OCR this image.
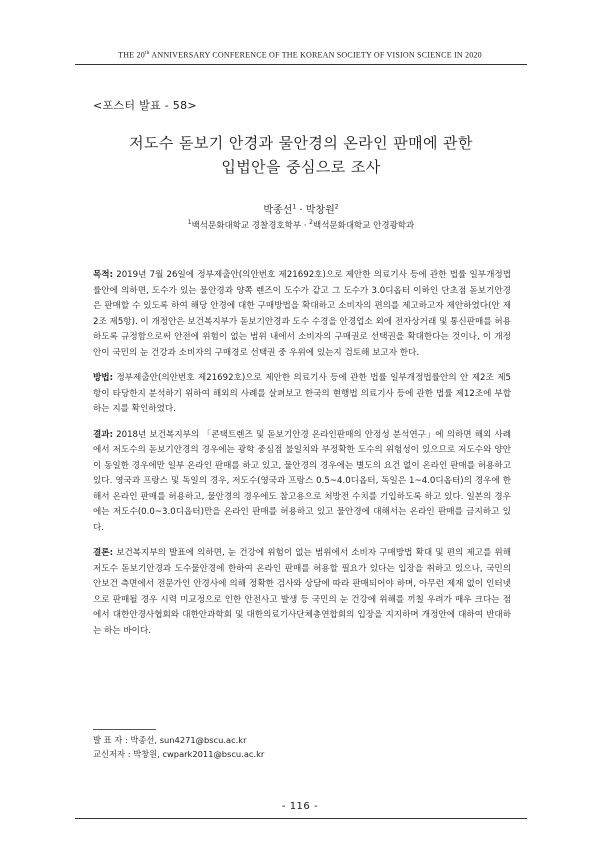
THE 20th ANNIVERSARY CONFERENCE OF THE KOREAN SOCIETY OF VISION SCIENCE IN 2020
<포스터 발표 - 58>
저도수 돋보기 안경과 물안경의 온라인 판매에 관한
입법안을 중심으로 조사
박종선$^1$ · 박창원$^2$
$^1$백석문화대학교 경찰경호학부 · $^2$백석문화대학교 안경광학과

목적: 2019년 7월 26일에 정부제출안(의안번호 제21692호)으로 제안한 의료기사 등에 관한 법률 일부개정법률안에 의하면, 도수가 있는 물안경과 양쪽 렌즈이 도수가 같고 그 도수가 3.0디옵터 이하인 단초점 돋보기안경은 판매할 수 있도록 하여 해당 안경에 대한 구매방법을 확대하고 소비자의 편의를 제고하고자 제안하였다(안 제2조 제5항). 이 개정안은 보건복지부가 돋보기안경과 도수 수경을 안경업소 외에 전자상거래 및 통신판매를 허용하도록 규정함으로써 안전에 위험이 없는 범위 내에서 소비자의 구매권로 선택권을 확대한다는 것이나, 이 개정안이 국민의 눈 건강과 소비자의 구매경로 선택권 중 우위에 있는지 검토해 보고자 한다.

방법: 정부제출안(의안번호 제21692호)으로 제안한 의료기사 등에 관한 법률 일부개정법률안의 안 제2조 제5항이 타당한지 분석하기 위하여 해외의 사례를 살펴보고 한국의 현행법 의료기사 등에 관한 법률 제12조에 부합하는 지를 확인하였다.

결과: 2018년 보건복지부의 「콘택트렌즈 및 돋보기안경 온라인판매의 안정성 분석연구」에 의하면 해외 사례에서 저도수의 돋보기안경의 경우에는 광학 중심점 불일치와 부정확한 도수의 위험성이 있으므로 저도수와 양안이 동일한 경우에만 일부 온라인 판매를 하고 있고, 물안경의 경우에는 별도의 요건 없이 온라인 판매를 허용하고 있다. 영국과 프랑스 및 독일의 경우, 저도수(영국과 프랑스 0.5~4.0디옵터, 독일은 1~4.0디옵터)의 경우에 한해서 온라인 판매를 허용하고, 물안경의 경우에도 참고용으로 처방전 수치를 기입하도록 하고 있다. 일본의 경우에는 저도수(0.0~3.0디옵터)만을 온라인 판매를 허용하고 있고 물안경에 대해서는 온라인 판매를 금지하고 있다.

결론: 보건복지부의 발표에 의하면, 눈 건강에 위험이 없는 범위에서 소비자 구매방법 확대 및 편의 제고를 위해 저도수 돋보기안경과 도수물안경에 한하여 온라인 판매를 허용할 필요가 있다는 입장을 취하고 있으나, 국민의 안보건 측면에서 전문가인 안경사에 의해 정확한 검사와 상담에 따라 판매되어야 하며, 아무런 제재 없이 인터넷으로 판매될 경우 시력 미교정으로 인한 안전사고 발생 등 국민의 눈 건강에 위해를 끼칠 우려가 매우 크다는 점에서 대한안경사협회와 대한안과학회 및 대한의료기사단체총연합회의 입장을 지지하며 개정안에 대하여 반대하는 하는 바이다.

발 표 자 : 박종선, sun4271@bscu.ac.kr
교신저자 : 박창원, cwpark2011@bscu.ac.kr
- 116 -
